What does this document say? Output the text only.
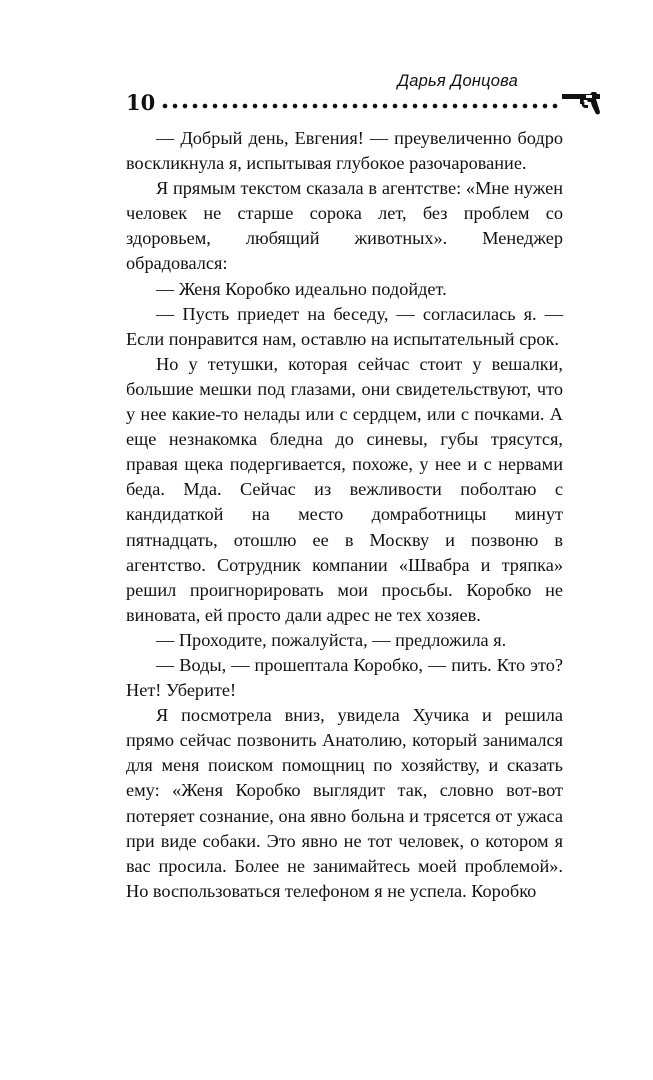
10
Дарья Донцова

— Добрый день, Евгения! — преувеличенно бодро воскликнула я, испытывая глубокое разочарование.

Я прямым текстом сказала в агентстве: «Мне нужен человек не старше сорока лет, без проблем со здоровьем, любящий животных». Менеджер обрадовался:

— Женя Коробко идеально подойдет.

— Пусть приедет на беседу, — согласилась я. — Если понравится нам, оставлю на испытательный срок.

Но у тетушки, которая сейчас стоит у вешалки, большие мешки под глазами, они свидетельствуют, что у нее какие-то нелады или с сердцем, или с почками. А еще незнакомка бледна до синевы, губы трясутся, правая щека подергивается, похоже, у нее и с нервами беда. Мда. Сейчас из вежливости поболтаю с кандидаткой на место домработницы минут пятнадцать, отошлю ее в Москву и позвоню в агентство. Сотрудник компании «Швабра и тряпка» решил проигнорировать мои просьбы. Коробко не виновата, ей просто дали адрес не тех хозяев.

— Проходите, пожалуйста, — предложила я.

— Воды, — прошептала Коробко, — пить. Кто это? Нет! Уберите!

Я посмотрела вниз, увидела Хучика и решила прямо сейчас позвонить Анатолию, который занимался для меня поиском помощниц по хозяйству, и сказать ему: «Женя Коробко выглядит так, словно вот-вот потеряет сознание, она явно больна и трясется от ужаса при виде собаки. Это явно не тот человек, о котором я вас просила. Более не занимайтесь моей проблемой». Но воспользоваться телефоном я не успела. Коробко
